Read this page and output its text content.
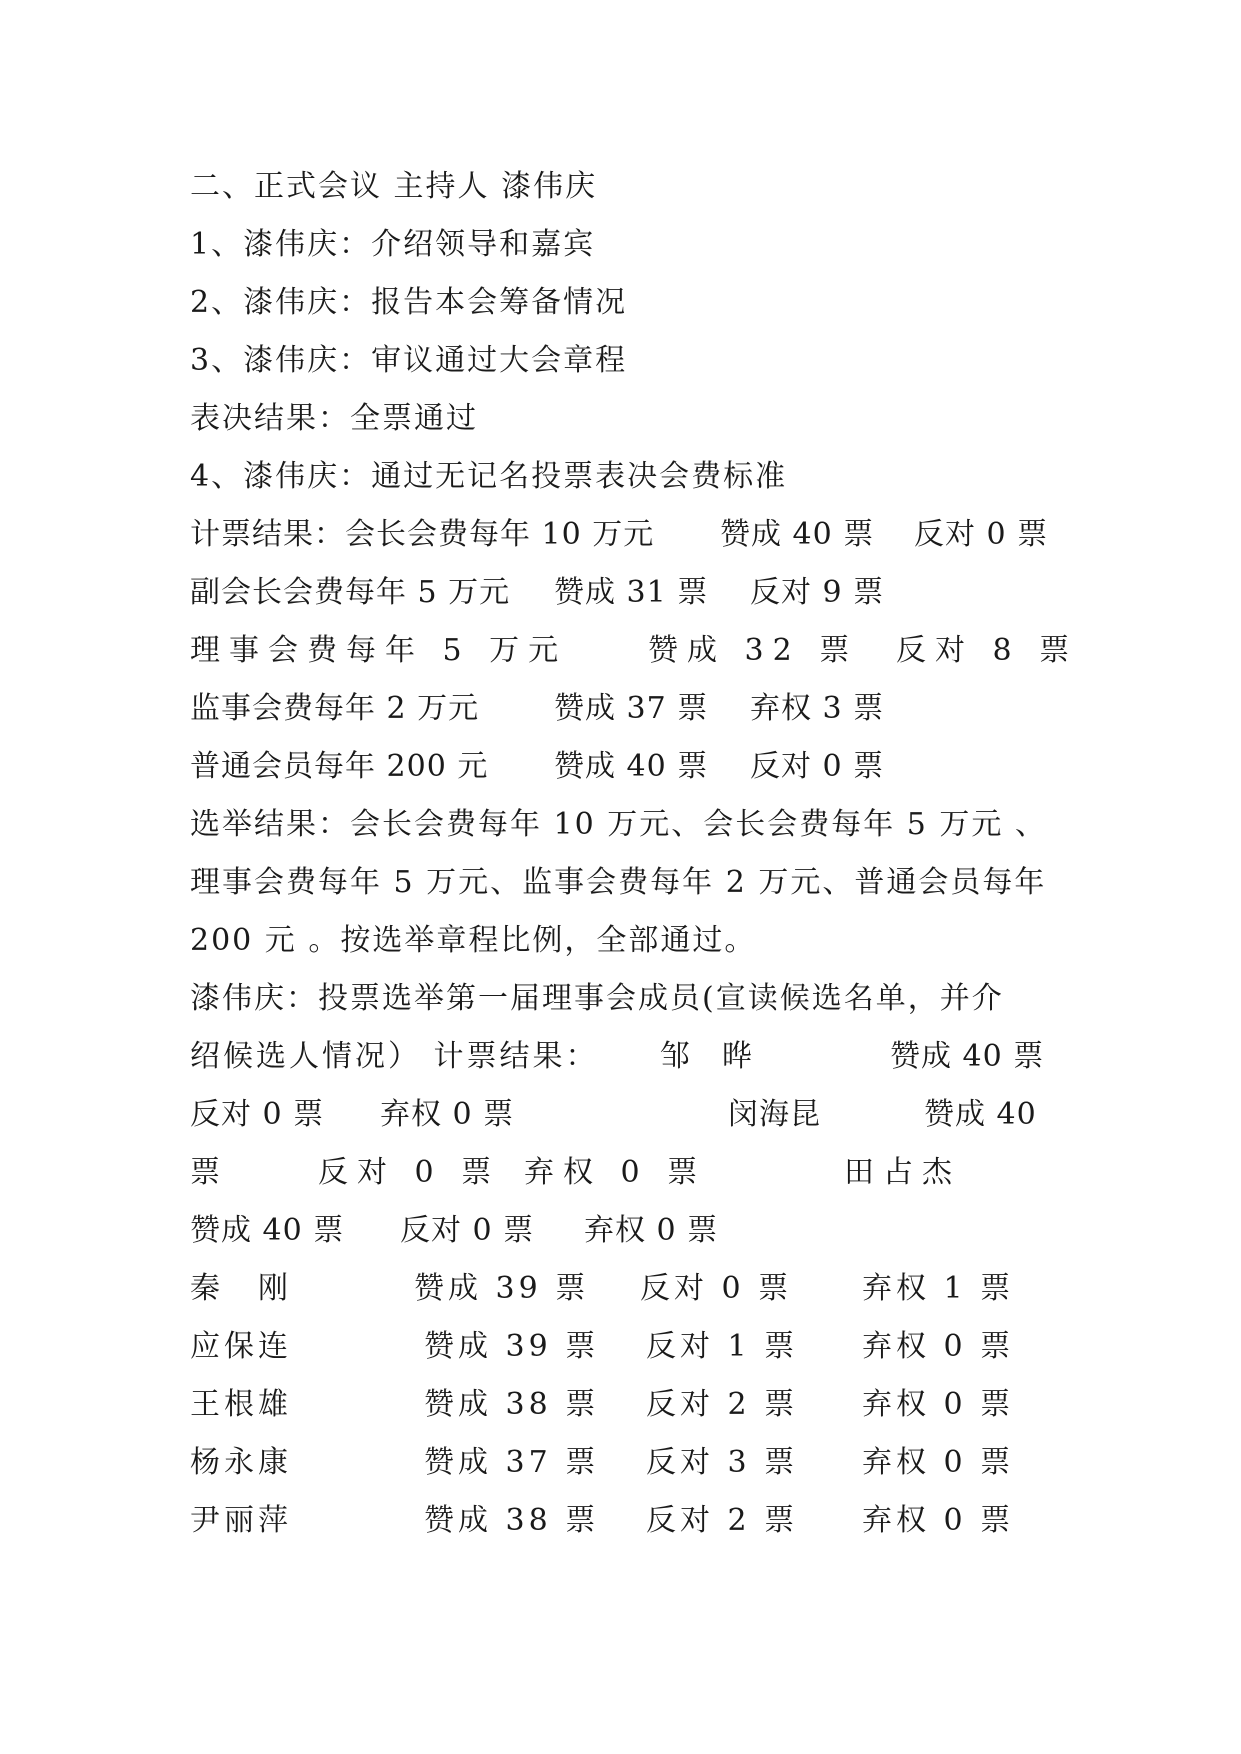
二、正式会议 主持人 漆伟庆
1、漆伟庆：介绍领导和嘉宾
2、漆伟庆：报告本会筹备情况
3、漆伟庆：审议通过大会章程
表决结果：全票通过
4、漆伟庆：通过无记名投票表决会费标准
计票结果：会长会费每年 10 万元 赞成 40 票 反对 0 票
副会长会费每年 5 万元 赞成 31 票 反对 9 票
理事会费每年 5 万元	赞成 32 票 反对 8 票
监事会费每年 2 万元 赞成 37 票 弃权 3 票
普通会员每年 200 元 赞成 40 票 反对 0 票
选举结果：会长会费每年 10 万元、会长会费每年 5 万元 、
理事会费每年 5 万元、监事会费每年 2 万元、普通会员每年
200 元 。按选举章程比例，全部通过。
漆伟庆：投票选举第一届理事会成员(宣读候选名单，并介
绍候选人情况） 计票结果： 邹　晔	赞成 40 票
反对 0 票 弃权 0 票	闵海昆	赞成 40
票	反对 0 票 弃权 0 票	田占杰
赞成 40 票 反对 0 票 弃权 0 票
秦　刚	赞成 39 票 反对 0 票 弃权 1 票
应保连	赞成 39 票 反对 1 票 弃权 0 票
王根雄	赞成 38 票 反对 2 票 弃权 0 票
杨永康	赞成 37 票 反对 3 票 弃权 0 票
尹丽萍	赞成 38 票 反对 2 票 弃权 0 票
